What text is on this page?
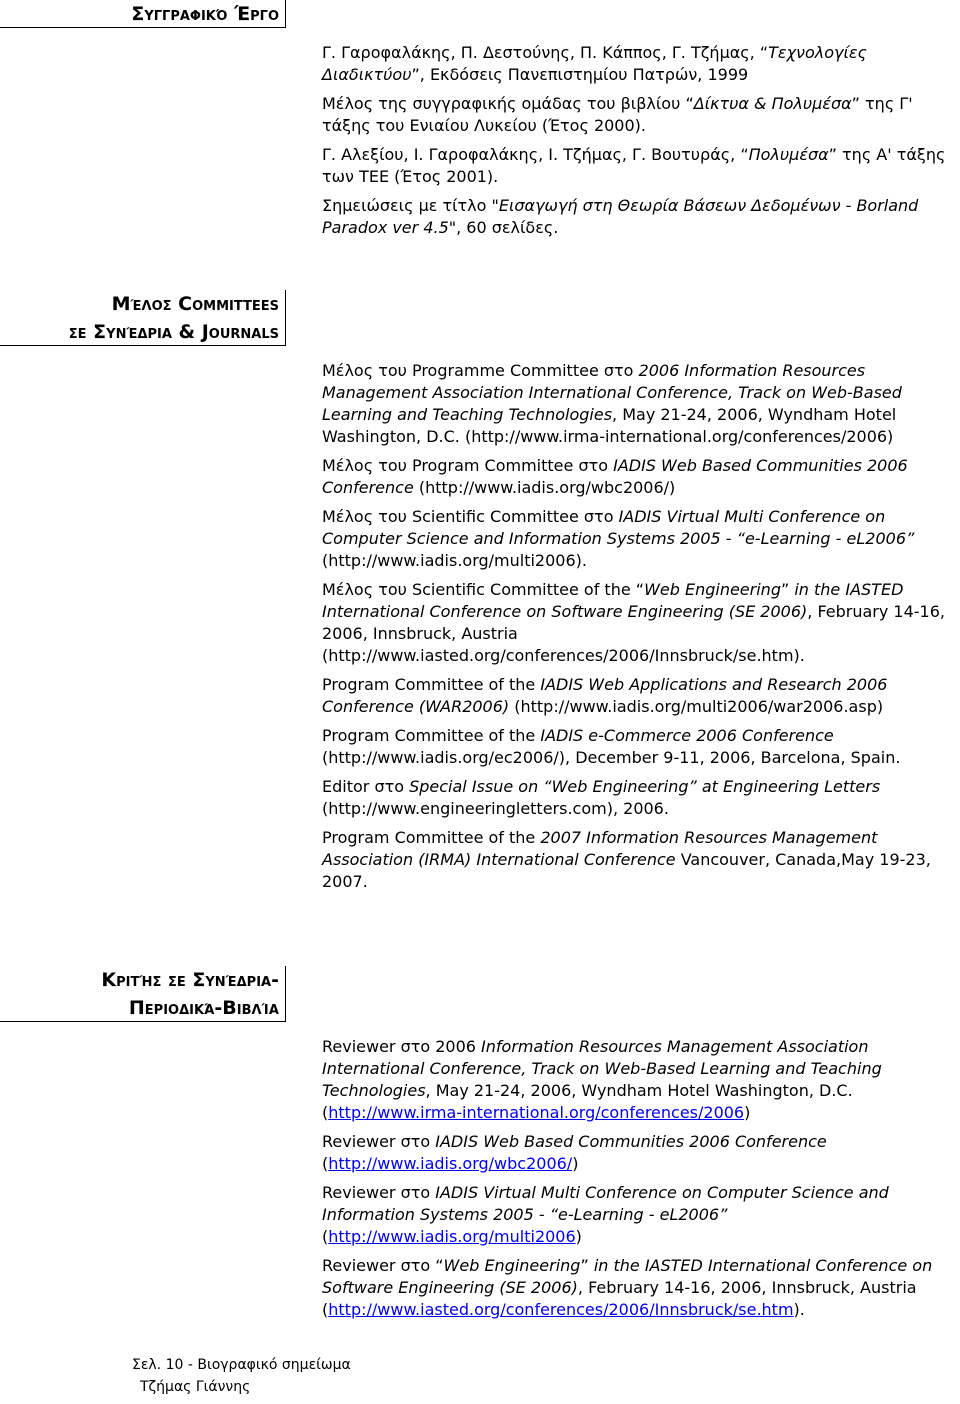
Συγγραφικό Έργο
Γ. Γαροφαλάκης, Π. Δεστούνης, Π. Κάππος, Γ. Τζήμας, “Τεχνολογίες Διαδικτύου”, Εκδόσεις Πανεπιστημίου Πατρών, 1999
Μέλος της συγγραφικής ομάδας του βιβλίου “Δίκτυα & Πολυμέσα” της Γ' τάξης του Ενιαίου Λυκείου (Έτος 2000).
Γ. Αλεξίου, Ι. Γαροφαλάκης, Ι. Τζήμας, Γ. Βουτυράς, “Πολυμέσα” της Α' τάξης των ΤΕΕ (Έτος 2001).
Σημειώσεις με τίτλο "Εισαγωγή στη Θεωρία Βάσεων Δεδομένων - Borland Paradox ver 4.5", 60 σελίδες.
Μέλος Committees
σε Συνέδρια & Journals
Μέλος του Programme Committee στο 2006 Information Resources Management Association International Conference, Track on Web-Based Learning and Teaching Technologies, May 21-24, 2006, Wyndham Hotel Washington, D.C. (http://www.irma-international.org/conferences/2006)
Μέλος του Program Committee στο IADIS Web Based Communities 2006 Conference (http://www.iadis.org/wbc2006/)
Μέλος του Scientific Committee στο IADIS Virtual Multi Conference on Computer Science and Information Systems 2005 - “e-Learning - eL2006” (http://www.iadis.org/multi2006).
Μέλος του Scientific Committee of the “Web Engineering” in the IASTED International Conference on Software Engineering (SE 2006), February 14-16, 2006, Innsbruck, Austria (http://www.iasted.org/conferences/2006/Innsbruck/se.htm).
Program Committee of the IADIS Web Applications and Research 2006 Conference (WAR2006) (http://www.iadis.org/multi2006/war2006.asp)
Program Committee of the IADIS e-Commerce 2006 Conference (http://www.iadis.org/ec2006/), December 9-11, 2006, Barcelona, Spain.
Editor στο Special Issue on “Web Engineering” at Engineering Letters (http://www.engineeringletters.com), 2006.
Program Committee of the 2007 Information Resources Management Association (IRMA) International Conference Vancouver, Canada,May 19-23, 2007.
Κριτής σε Συνέδρια-
Περιοδικά-Βιβλία
Reviewer στο 2006 Information Resources Management Association International Conference, Track on Web-Based Learning and Teaching Technologies, May 21-24, 2006, Wyndham Hotel Washington, D.C. (http://www.irma-international.org/conferences/2006)
Reviewer στο IADIS Web Based Communities 2006 Conference (http://www.iadis.org/wbc2006/)
Reviewer στο IADIS Virtual Multi Conference on Computer Science and Information Systems 2005 - “e-Learning - eL2006” (http://www.iadis.org/multi2006)
Reviewer στο “Web Engineering” in the IASTED International Conference on Software Engineering (SE 2006), February 14-16, 2006, Innsbruck, Austria (http://www.iasted.org/conferences/2006/Innsbruck/se.htm).
Σελ. 10 - Βιογραφικό σημείωμα
Τζήμας Γιάννης
